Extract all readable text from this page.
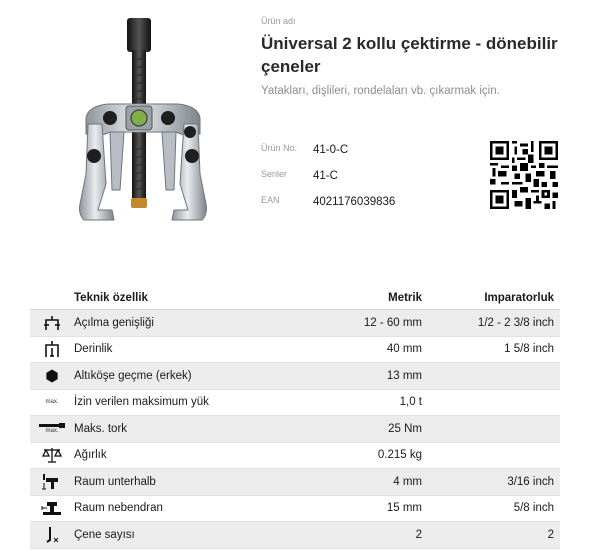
Ürün adı
Üniversal 2 kollu çektirme - dönebilir çeneler
Yatakları, dişlileri, rondelaları vb. çıkarmak için.
Ürün No. 41-0-C
Seriler 41-C
EAN	4021176039836
Teknik özellik	Metrik	Imparatorluk
Açılma genişliği	12 - 60 mm	1/2 - 2 3/8 inch
Derinlik	40 mm	1 5/8 inch
Altıköşe geçme (erkek)	13 mm
max. İzin verilen maksimum yük	1,0 t
max. Maks. tork	25 Nm
Ağırlık	0.215 kg
Raum unterhalb	4 mm	3/16 inch
Raum nebendran	15 mm	5/8 inch
Çene sayısı	2	2
